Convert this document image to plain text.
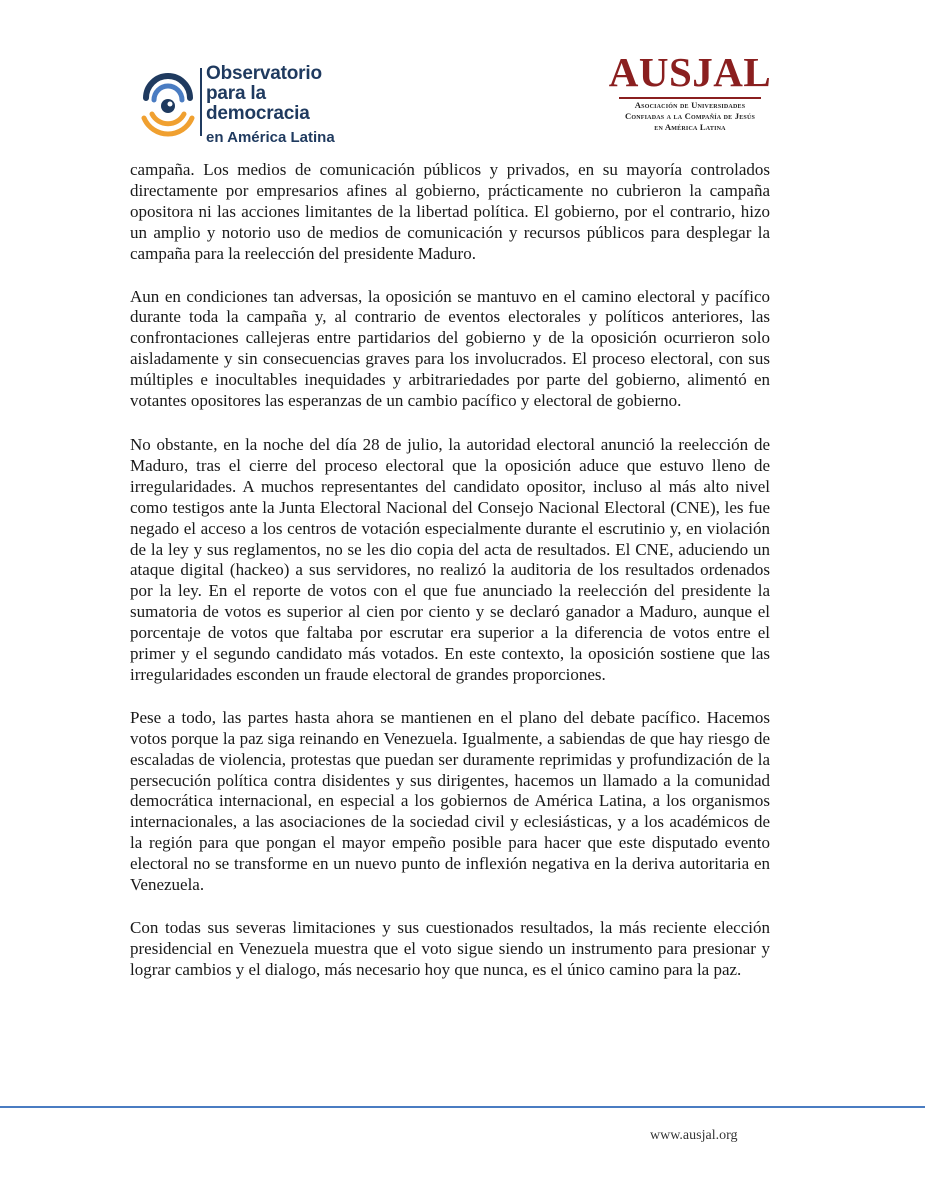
Observatorio
para la democracia
en América Latina
AUSJAL
Asociación de Universidades
Confiadas a la Compañía de Jesús
en América Latina

campaña. Los medios de comunicación públicos y privados, en su mayoría controlados directamente por empresarios afines al gobierno, prácticamente no cubrieron la campaña opositora ni las acciones limitantes de la libertad política. El gobierno, por el contrario, hizo un amplio y notorio uso de medios de comunicación y recursos públicos para desplegar la campaña para la reelección del presidente Maduro.

Aun en condiciones tan adversas, la oposición se mantuvo en el camino electoral y pacífico durante toda la campaña y, al contrario de eventos electorales y políticos anteriores, las confrontaciones callejeras entre partidarios del gobierno y de la oposición ocurrieron solo aisladamente y sin consecuencias graves para los involucrados. El proceso electoral, con sus múltiples e inocultables inequidades y arbitrariedades por parte del gobierno, alimentó en votantes opositores las esperanzas de un cambio pacífico y electoral de gobierno.

No obstante, en la noche del día 28 de julio, la autoridad electoral anunció la reelección de Maduro, tras el cierre del proceso electoral que la oposición aduce que estuvo lleno de irregularidades. A muchos representantes del candidato opositor, incluso al más alto nivel como testigos ante la Junta Electoral Nacional del Consejo Nacional Electoral (CNE), les fue negado el acceso a los centros de votación especialmente durante el escrutinio y, en violación de la ley y sus reglamentos, no se les dio copia del acta de resultados. El CNE, aduciendo un ataque digital (hackeo) a sus servidores, no realizó la auditoria de los resultados ordenados por la ley. En el reporte de votos con el que fue anunciado la reelección del presidente la sumatoria de votos es superior al cien por ciento y se declaró ganador a Maduro, aunque el porcentaje de votos que faltaba por escrutar era superior a la diferencia de votos entre el primer y el segundo candidato más votados. En este contexto, la oposición sostiene que las irregularidades esconden un fraude electoral de grandes proporciones.

Pese a todo, las partes hasta ahora se mantienen en el plano del debate pacífico. Hacemos votos porque la paz siga reinando en Venezuela. Igualmente, a sabiendas de que hay riesgo de escaladas de violencia, protestas que puedan ser duramente reprimidas y profundización de la persecución política contra disidentes y sus dirigentes, hacemos un llamado a la comunidad democrática internacional, en especial a los gobiernos de América Latina, a los organismos internacionales, a las asociaciones de la sociedad civil y eclesiásticas, y a los académicos de la región para que pongan el mayor empeño posible para hacer que este disputado evento electoral no se transforme en un nuevo punto de inflexión negativa en la deriva autoritaria en Venezuela.

Con todas sus severas limitaciones y sus cuestionados resultados, la más reciente elección presidencial en Venezuela muestra que el voto sigue siendo un instrumento para presionar y lograr cambios y el dialogo, más necesario hoy que nunca, es el único camino para la paz.

www.ausjal.org
